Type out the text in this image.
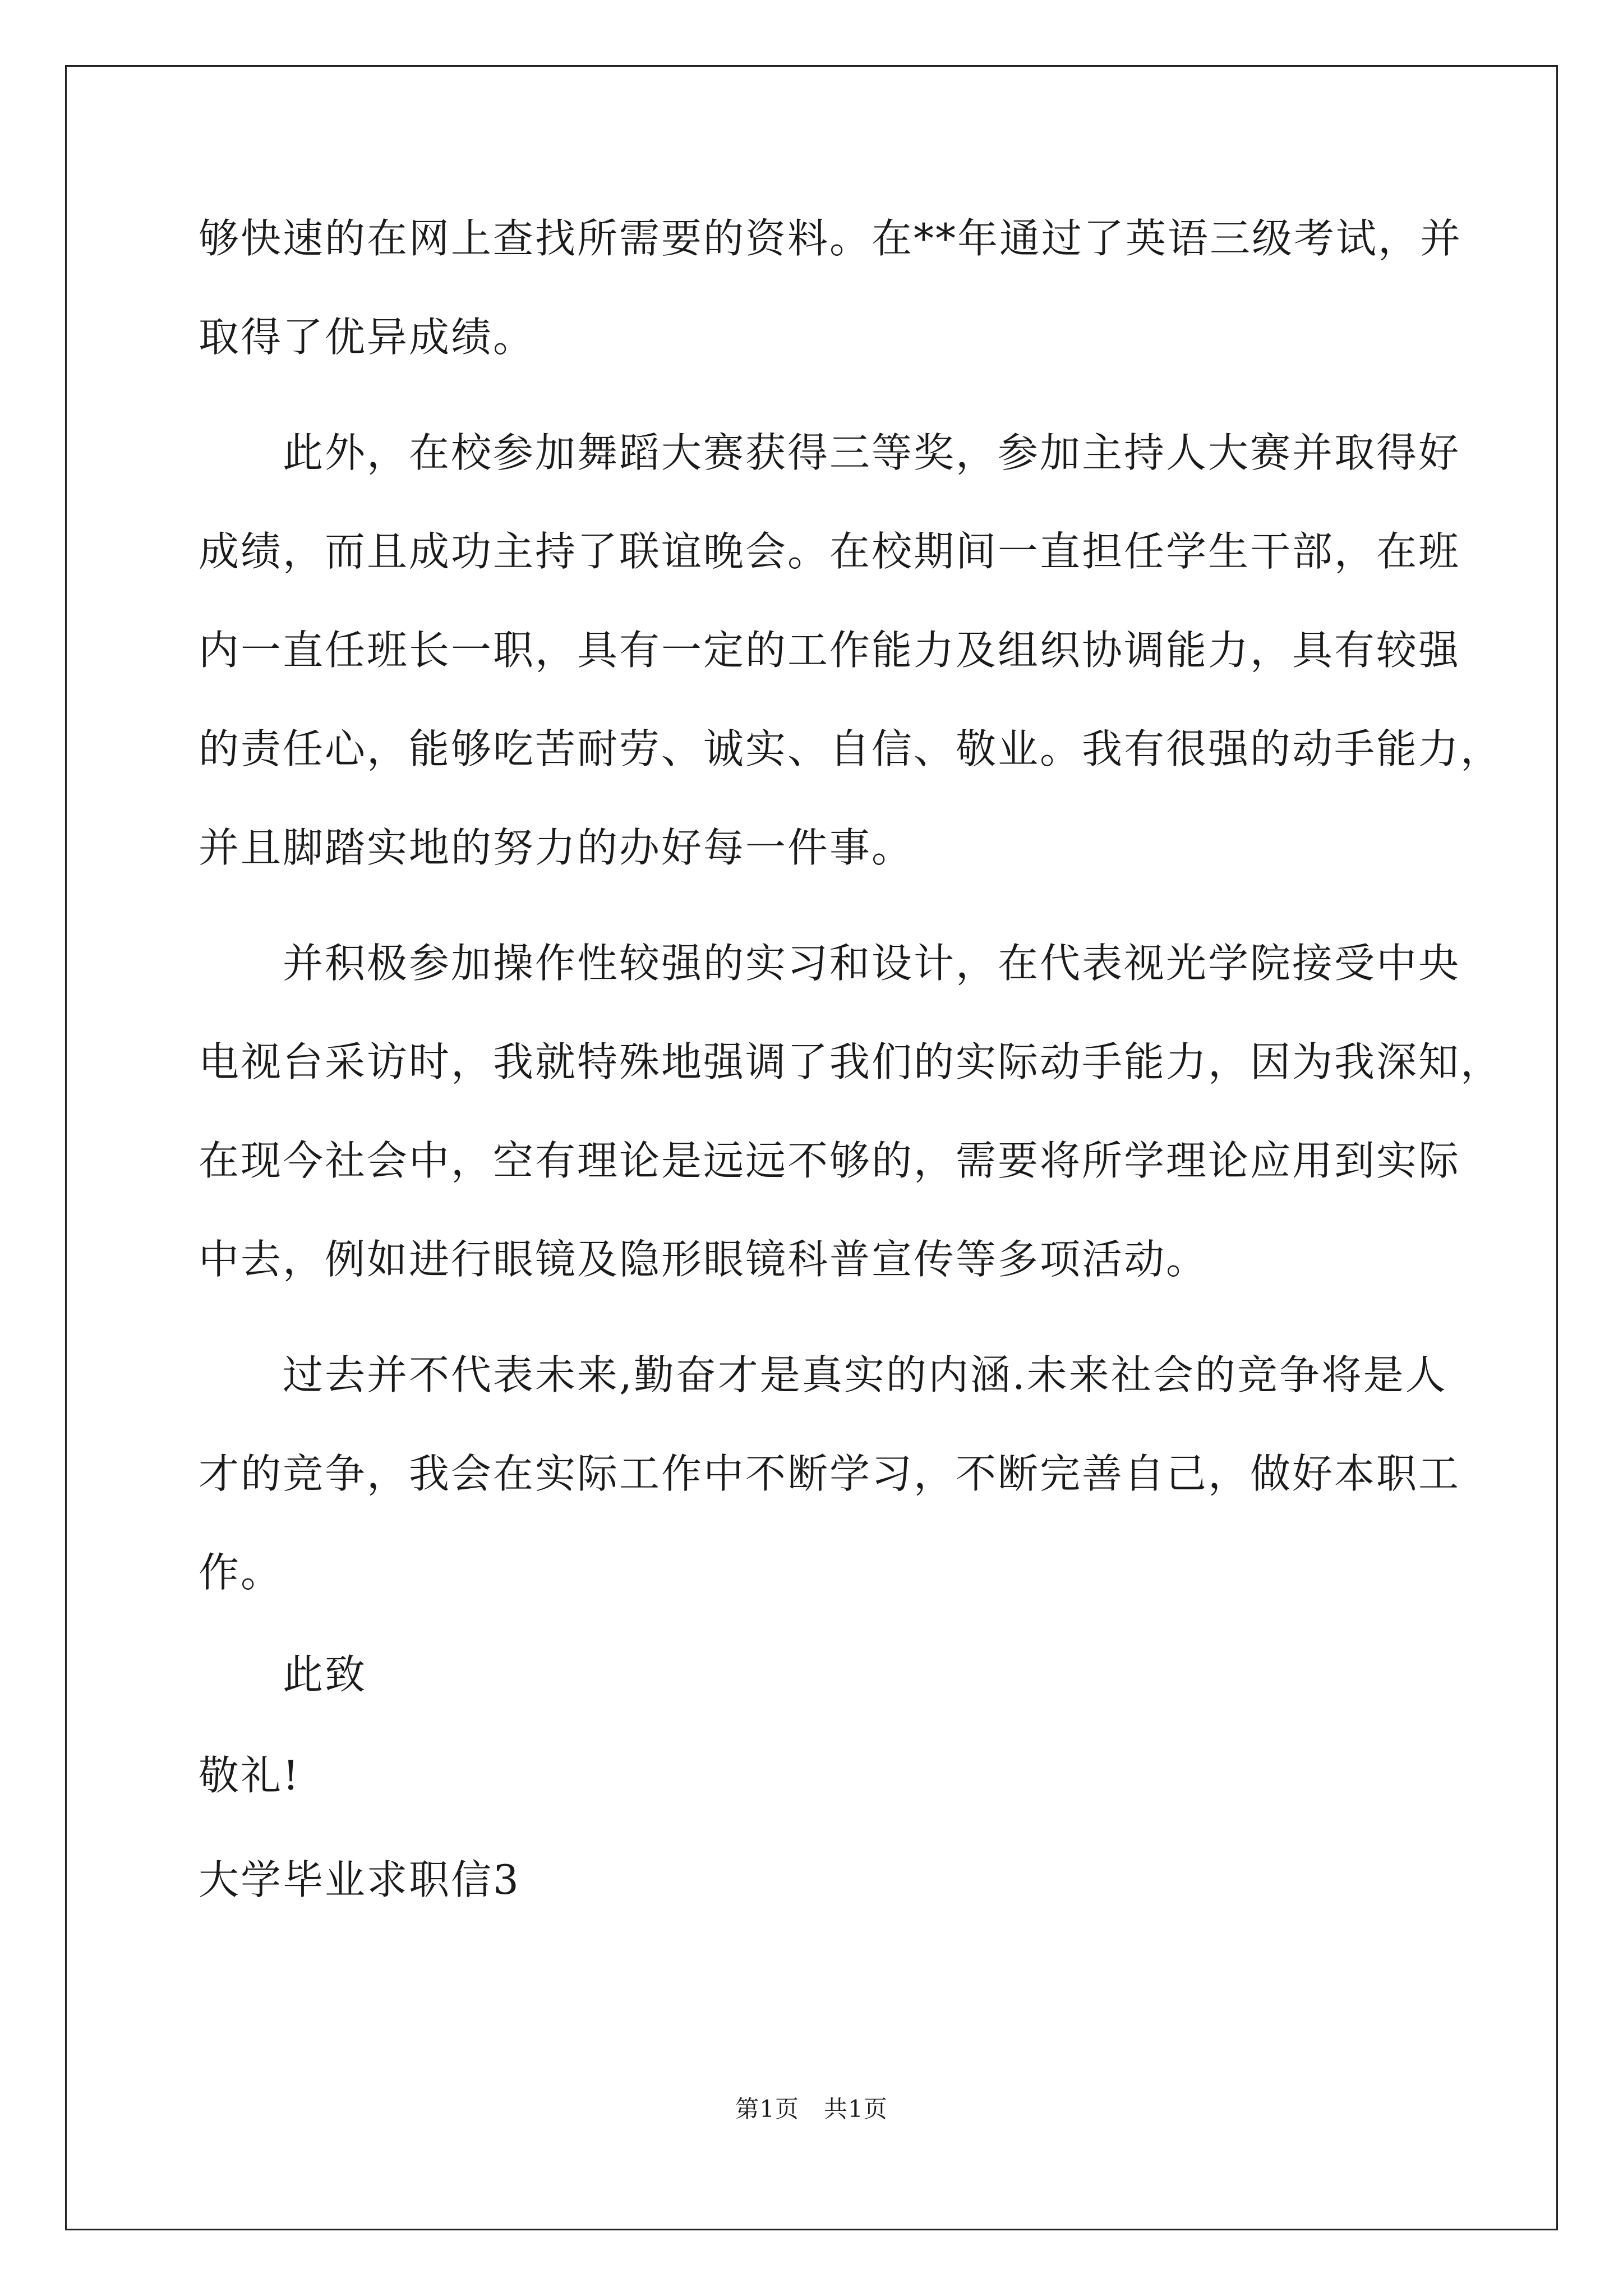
够快速的在网上查找所需要的资料。在**年通过了英语三级考试，并
取得了优异成绩。
此外，在校参加舞蹈大赛获得三等奖，参加主持人大赛并取得好
成绩，而且成功主持了联谊晚会。在校期间一直担任学生干部，在班
内一直任班长一职，具有一定的工作能力及组织协调能力，具有较强
的责任心，能够吃苦耐劳、诚实、自信、敬业。我有很强的动手能力，
并且脚踏实地的努力的办好每一件事。
并积极参加操作性较强的实习和设计，在代表视光学院接受中央
电视台采访时，我就特殊地强调了我们的实际动手能力，因为我深知，
在现今社会中，空有理论是远远不够的，需要将所学理论应用到实际
中去，例如进行眼镜及隐形眼镜科普宣传等多项活动。
过去并不代表未来,勤奋才是真实的内涵.未来社会的竞争将是人
才的竞争，我会在实际工作中不断学习，不断完善自己，做好本职工
作。
此致
敬礼!
大学毕业求职信3
第1页 共1页
